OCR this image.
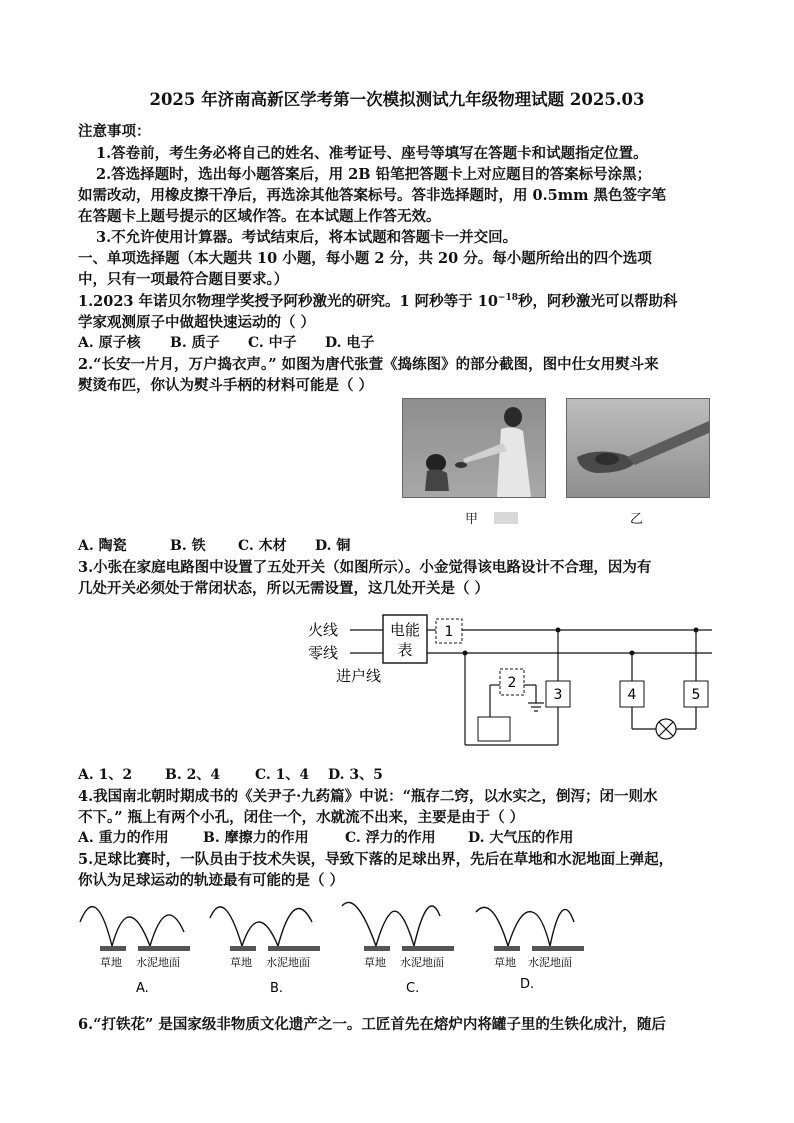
2025 年济南高新区学考第一次模拟测试九年级物理试题 2025.03
注意事项：
1.答卷前，考生务必将自己的姓名、准考证号、座号等填写在答题卡和试题指定位置。
2.答选择题时，选出每小题答案后，用 2B 铅笔把答题卡上对应题目的答案标号涂黑；
如需改动，用橡皮擦干净后，再选涂其他答案标号。答非选择题时，用 0.5mm 黑色签字笔
在答题卡上题号提示的区域作答。在本试题上作答无效。
3.不允许使用计算器。考试结束后，将本试题和答题卡一并交回。
一、单项选择题（本大题共 10 小题，每小题 2 分，共 20 分。每小题所给出的四个选项
中，只有一项最符合题目要求。）
1.2023 年诺贝尔物理学奖授予阿秒激光的研究。1 阿秒等于 $10^{-18}$秒，阿秒激光可以帮助科
学家观测原子中做超快速运动的（ ）
A. 原子核 B. 质子 C. 中子 D. 电子
2.“长安一片月，万户捣衣声。” 如图为唐代张萱《捣练图》的部分截图，图中仕女用熨斗来
熨烫布匹，你认为熨斗手柄的材料可能是（ ）
甲	乙
A. 陶瓷	B. 铁 C. 木材 D. 铜
3.小张在家庭电路图中设置了五处开关（如图所示）。小金觉得该电路设计不合理，因为有
几处开关必须处于常闭状态，所以无需设置，这几处开关是（ ）
火线
零线
进户线
电能
表
1
3
2
4	5
A. 1、2 B. 2、4 C. 1、4 D. 3、5
4.我国南北朝时期成书的《关尹子·九药篇》中说：“瓶存二窍，以水实之，倒泻；闭一则水
不下。” 瓶上有两个小孔，闭住一个，水就流不出来，主要是由于（ ）
A. 重力的作用 B. 摩擦力的作用	C. 浮力的作用 D. 大气压的作用
5.足球比赛时，一队员由于技术失误，导致下落的足球出界，先后在草地和水泥地面上弹起，
你认为足球运动的轨迹最有可能的是（ ）
草地 水泥地面
A.
草地 水泥地面
B.
草地 水泥地面
C.
草地 水泥地面
D.
6.“打铁花” 是国家级非物质文化遗产之一。工匠首先在熔炉内将罐子里的生铁化成汁，随后
